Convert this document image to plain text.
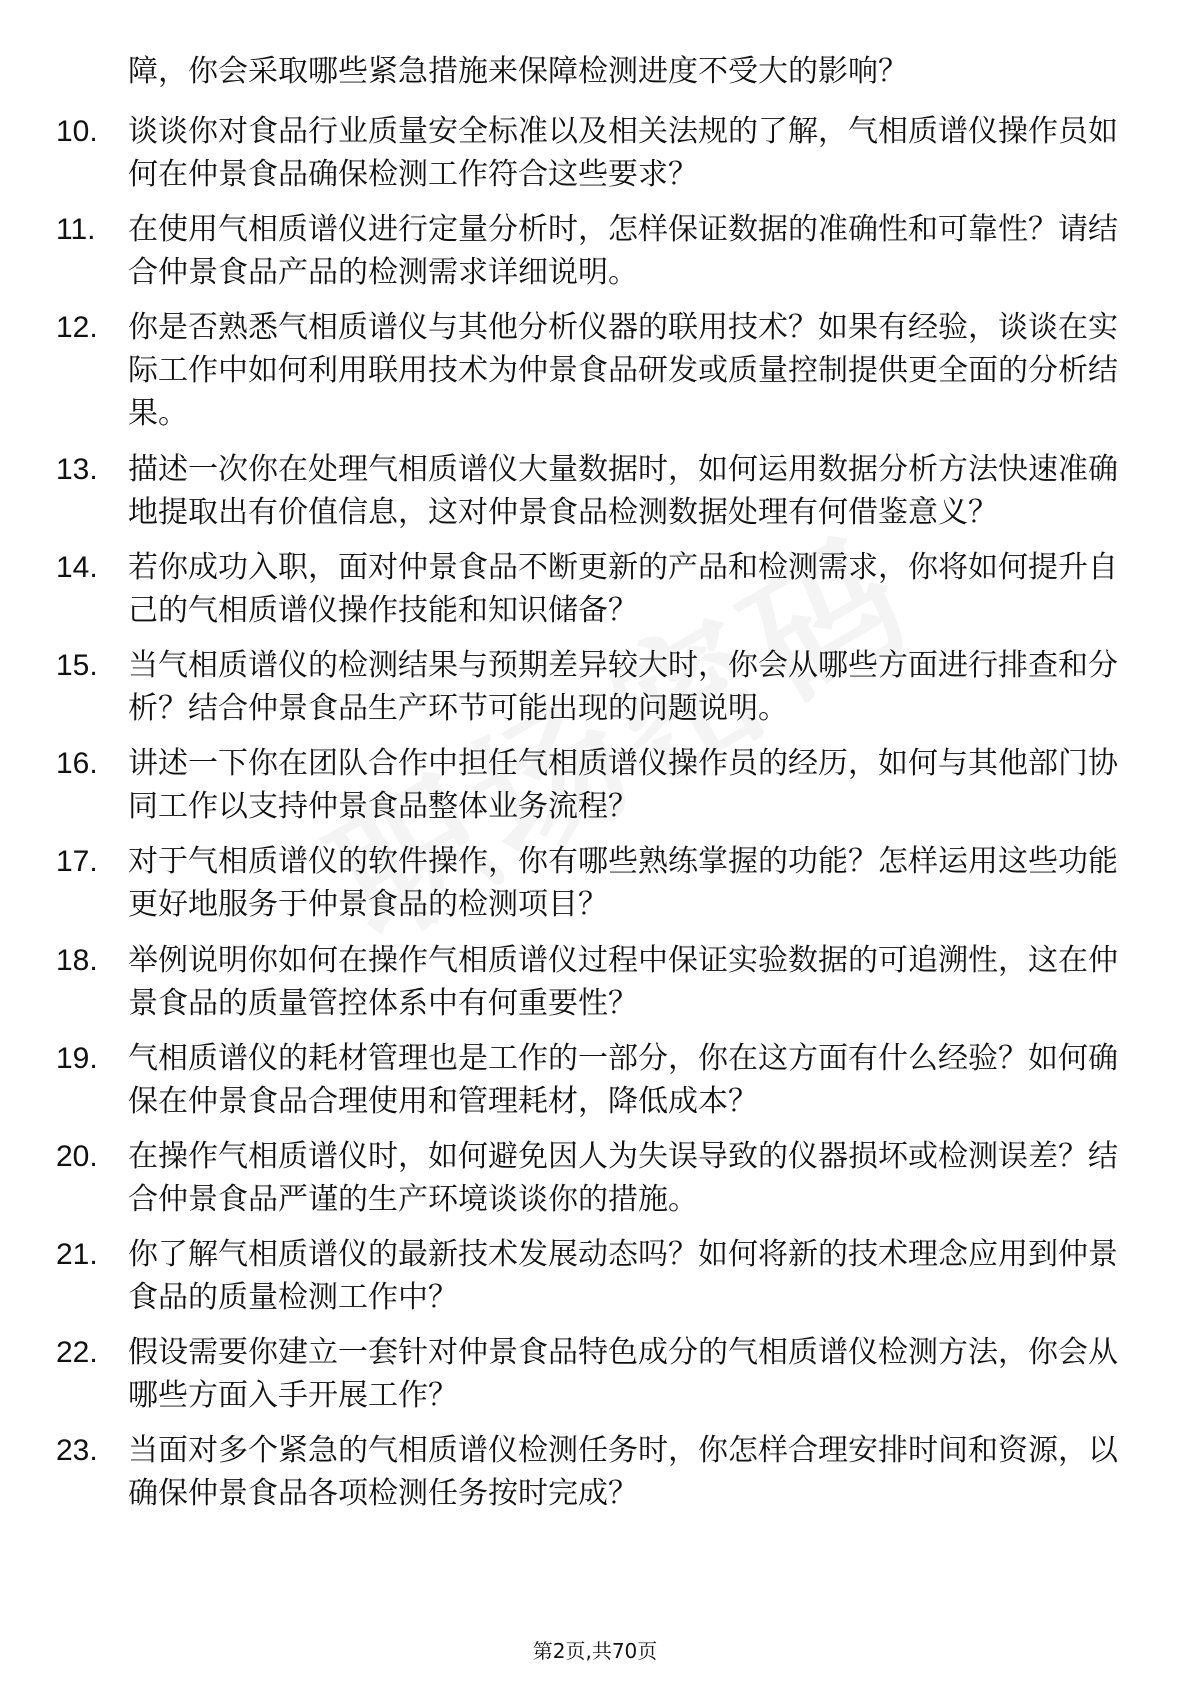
障，你会采取哪些紧急措施来保障检测进度不受大的影响？
10.	谈谈你对食品行业质量安全标准以及相关法规的了解，气相质谱仪操作员如何在仲景食品确保检测工作符合这些要求？
11.	在使用气相质谱仪进行定量分析时，怎样保证数据的准确性和可靠性？请结合仲景食品产品的检测需求详细说明。
12.	你是否熟悉气相质谱仪与其他分析仪器的联用技术？如果有经验，谈谈在实际工作中如何利用联用技术为仲景食品研发或质量控制提供更全面的分析结果。
13.	描述一次你在处理气相质谱仪大量数据时，如何运用数据分析方法快速准确地提取出有价值信息，这对仲景食品检测数据处理有何借鉴意义？
14.	若你成功入职，面对仲景食品不断更新的产品和检测需求，你将如何提升自己的气相质谱仪操作技能和知识储备？
15.	当气相质谱仪的检测结果与预期差异较大时，你会从哪些方面进行排查和分析？结合仲景食品生产环节可能出现的问题说明。
16.	讲述一下你在团队合作中担任气相质谱仪操作员的经历，如何与其他部门协同工作以支持仲景食品整体业务流程？
17.	对于气相质谱仪的软件操作，你有哪些熟练掌握的功能？怎样运用这些功能更好地服务于仲景食品的检测项目？
18.	举例说明你如何在操作气相质谱仪过程中保证实验数据的可追溯性，这在仲景食品的质量管控体系中有何重要性？
19.	气相质谱仪的耗材管理也是工作的一部分，你在这方面有什么经验？如何确保在仲景食品合理使用和管理耗材，降低成本？
20.	在操作气相质谱仪时，如何避免因人为失误导致的仪器损坏或检测误差？结合仲景食品严谨的生产环境谈谈你的措施。
21.	你了解气相质谱仪的最新技术发展动态吗？如何将新的技术理念应用到仲景食品的质量检测工作中？
22.	假设需要你建立一套针对仲景食品特色成分的气相质谱仪检测方法，你会从哪些方面入手开展工作？
23.	当面对多个紧急的气相质谱仪检测任务时，你怎样合理安排时间和资源，以确保仲景食品各项检测任务按时完成？
第2页,共70页
